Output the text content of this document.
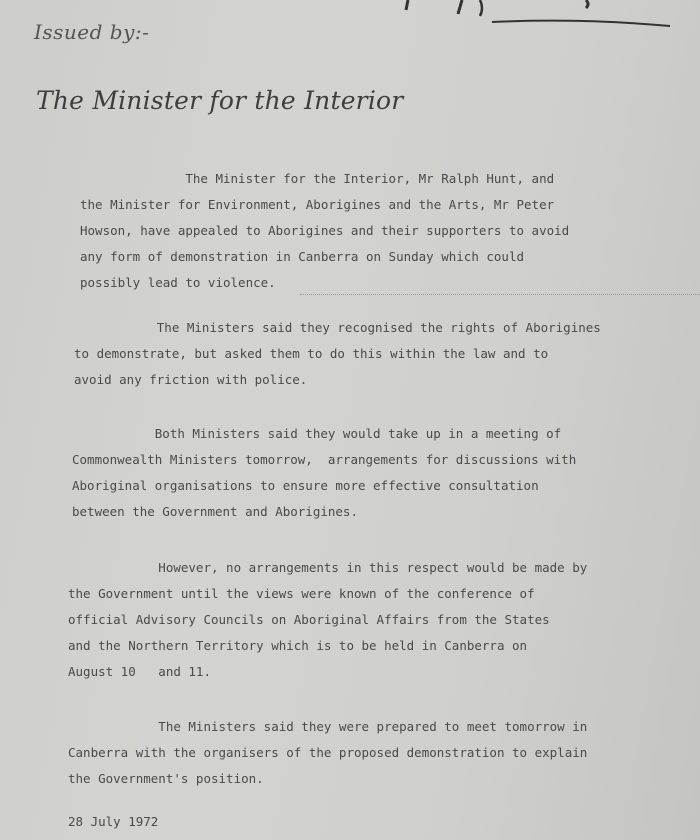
Issued by:-
The Minister for the Interior
The Minister for the Interior, Mr Ralph Hunt, and
the Minister for Environment, Aborigines and the Arts, Mr Peter
Howson, have appealed to Aborigines and their supporters to avoid
any form of demonstration in Canberra on Sunday which could
possibly lead to violence.
The Ministers said they recognised the rights of Aborigines
to demonstrate, but asked them to do this within the law and to
avoid any friction with police.
Both Ministers said they would take up in a meeting of
Commonwealth Ministers tomorrow,  arrangements for discussions with
Aboriginal organisations to ensure more effective consultation
between the Government and Aborigines.
However, no arrangements in this respect would be made by
the Government until the views were known of the conference of
official Advisory Councils on Aboriginal Affairs from the States
and the Northern Territory which is to be held in Canberra on
August 10   and 11.
The Ministers said they were prepared to meet tomorrow in
Canberra with the organisers of the proposed demonstration to explain
the Government's position.
28 July 1972
